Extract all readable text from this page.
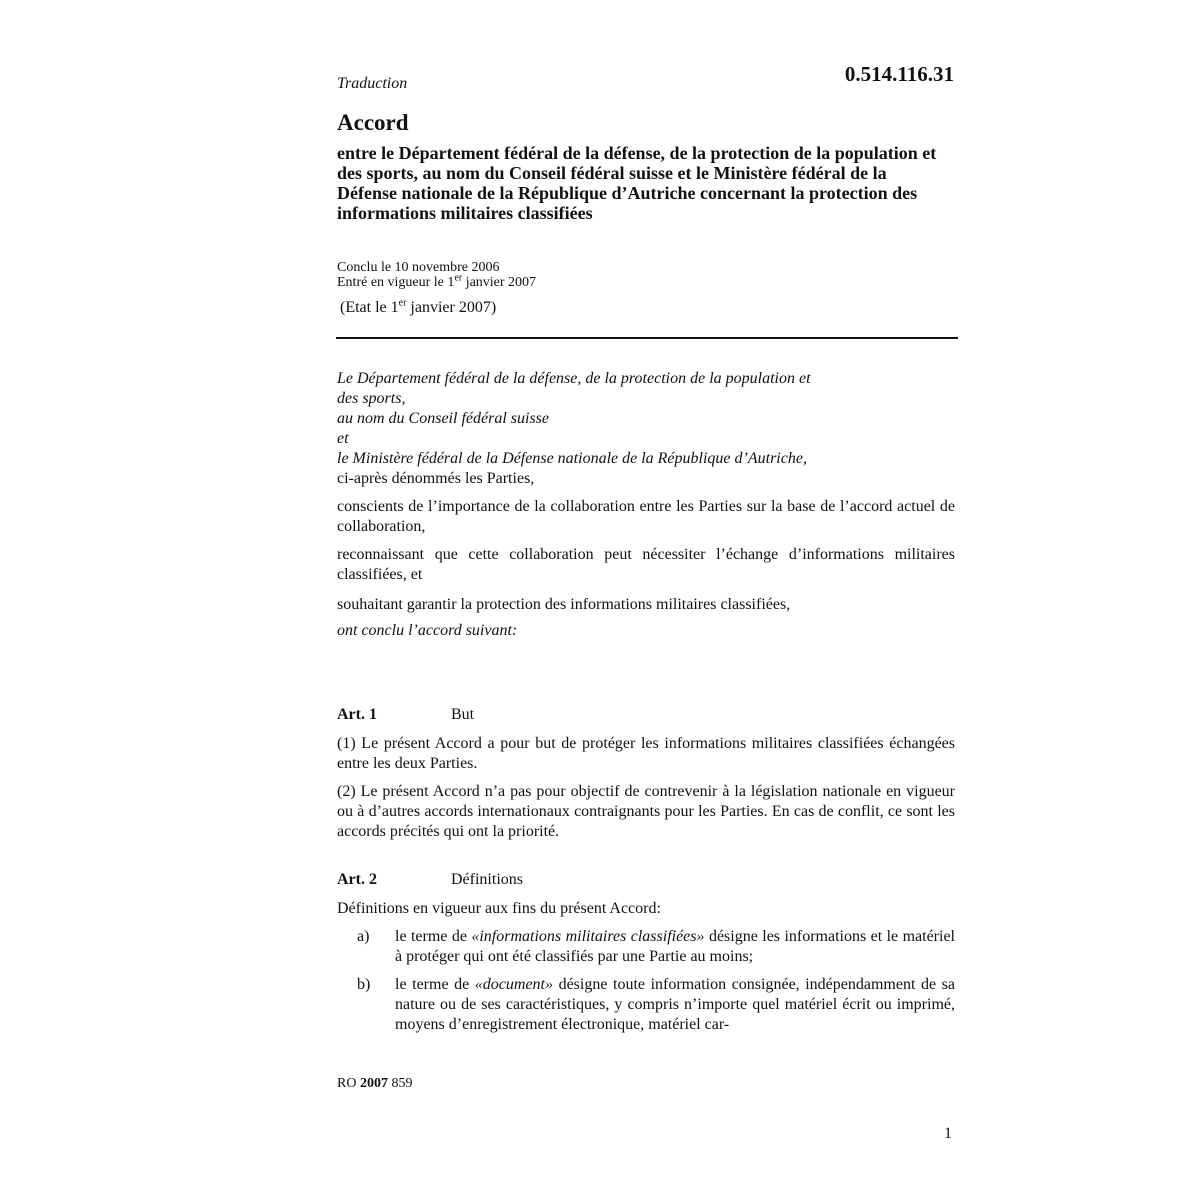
Traduction	0.514.116.31
Accord
entre le Département fédéral de la défense, de la protection de la population et des sports, au nom du Conseil fédéral suisse et le Ministère fédéral de la Défense nationale de la République d’Autriche concernant la protection des informations militaires classifiées
Conclu le 10 novembre 2006
Entré en vigueur le 1er janvier 2007
(Etat le 1er janvier 2007)
Le Département fédéral de la défense, de la protection de la population et
des sports,
au nom du Conseil fédéral suisse
et
le Ministère fédéral de la Défense nationale de la République d’Autriche,
ci-après dénommés les Parties,
conscients de l’importance de la collaboration entre les Parties sur la base de l’accord actuel de collaboration,
reconnaissant que cette collaboration peut nécessiter l’échange d’informations militaires classifiées, et
souhaitant garantir la protection des informations militaires classifiées,
ont conclu l’accord suivant:
Art. 1	But
(1) Le présent Accord a pour but de protéger les informations militaires classifiées échangées entre les deux Parties.
(2) Le présent Accord n’a pas pour objectif de contrevenir à la législation nationale en vigueur ou à d’autres accords internationaux contraignants pour les Parties. En cas de conflit, ce sont les accords précités qui ont la priorité.
Art. 2	Définitions
Définitions en vigueur aux fins du présent Accord:
a)	le terme de «informations militaires classifiées» désigne les informations et le matériel à protéger qui ont été classifiés par une Partie au moins;
b)	le terme de «document» désigne toute information consignée, indépendamment de sa nature ou de ses caractéristiques, y compris n’importe quel matériel écrit ou imprimé, moyens d’enregistrement électronique, matériel car-
RO 2007 859
1
